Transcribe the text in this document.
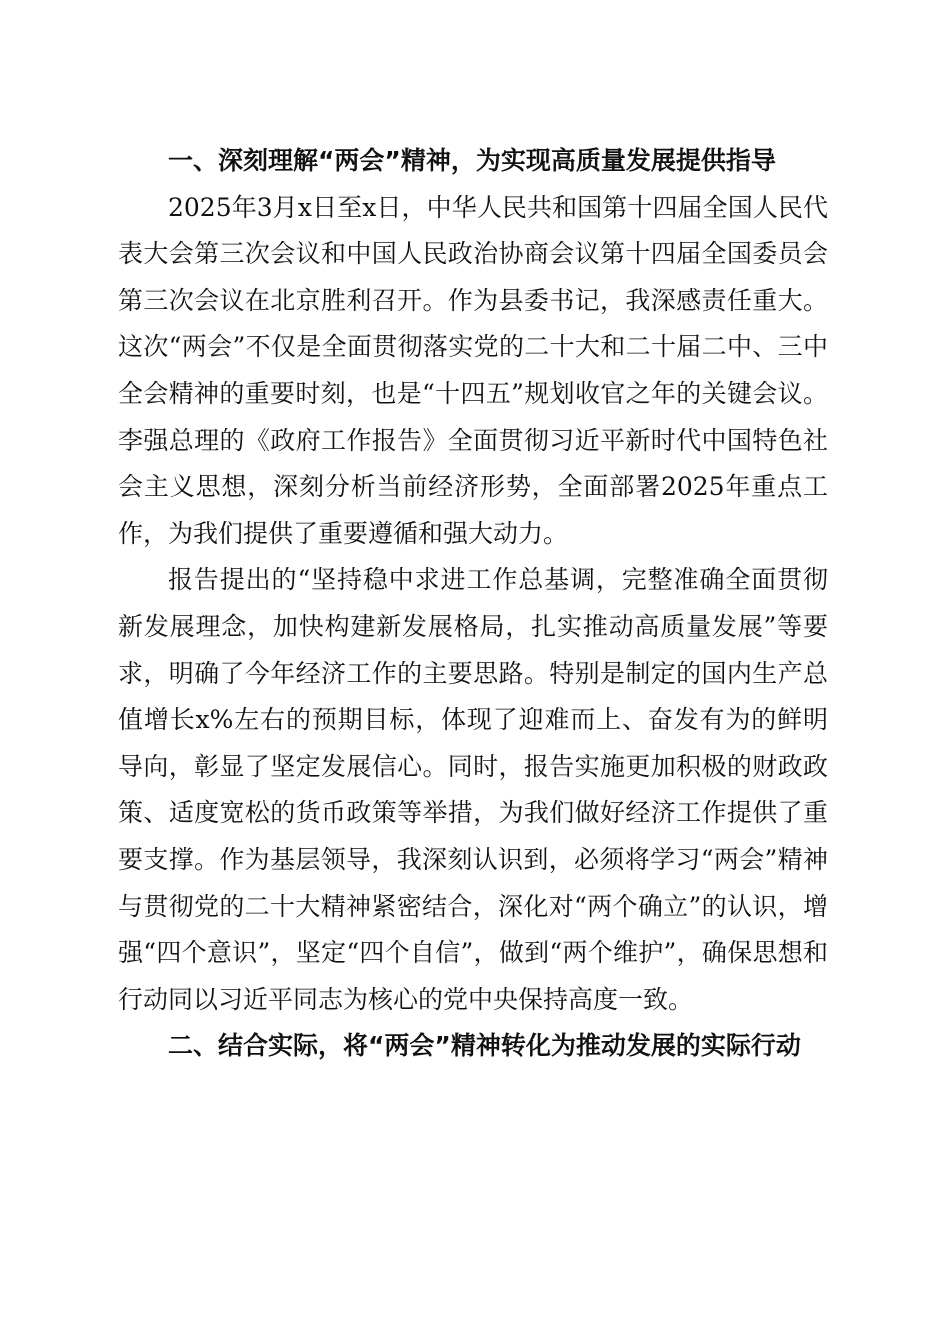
一、深刻理解“两会”精神，为实现高质量发展提供指导

2025年3月x日至x日，中华人民共和国第十四届全国人民代表大会第三次会议和中国人民政治协商会议第十四届全国委员会第三次会议在北京胜利召开。作为县委书记，我深感责任重大。这次“两会”不仅是全面贯彻落实党的二十大和二十届二中、三中全会精神的重要时刻，也是“十四五”规划收官之年的关键会议。李强总理的《政府工作报告》全面贯彻习近平新时代中国特色社会主义思想，深刻分析当前经济形势，全面部署2025年重点工作，为我们提供了重要遵循和强大动力。

报告提出的“坚持稳中求进工作总基调，完整准确全面贯彻新发展理念，加快构建新发展格局，扎实推动高质量发展”等要求，明确了今年经济工作的主要思路。特别是制定的国内生产总值增长x%左右的预期目标，体现了迎难而上、奋发有为的鲜明导向，彰显了坚定发展信心。同时，报告实施更加积极的财政政策、适度宽松的货币政策等举措，为我们做好经济工作提供了重要支撑。作为基层领导，我深刻认识到，必须将学习“两会”精神与贯彻党的二十大精神紧密结合，深化对“两个确立”的认识，增强“四个意识”，坚定“四个自信”，做到“两个维护”，确保思想和行动同以习近平同志为核心的党中央保持高度一致。

二、结合实际，将“两会”精神转化为推动发展的实际行动
